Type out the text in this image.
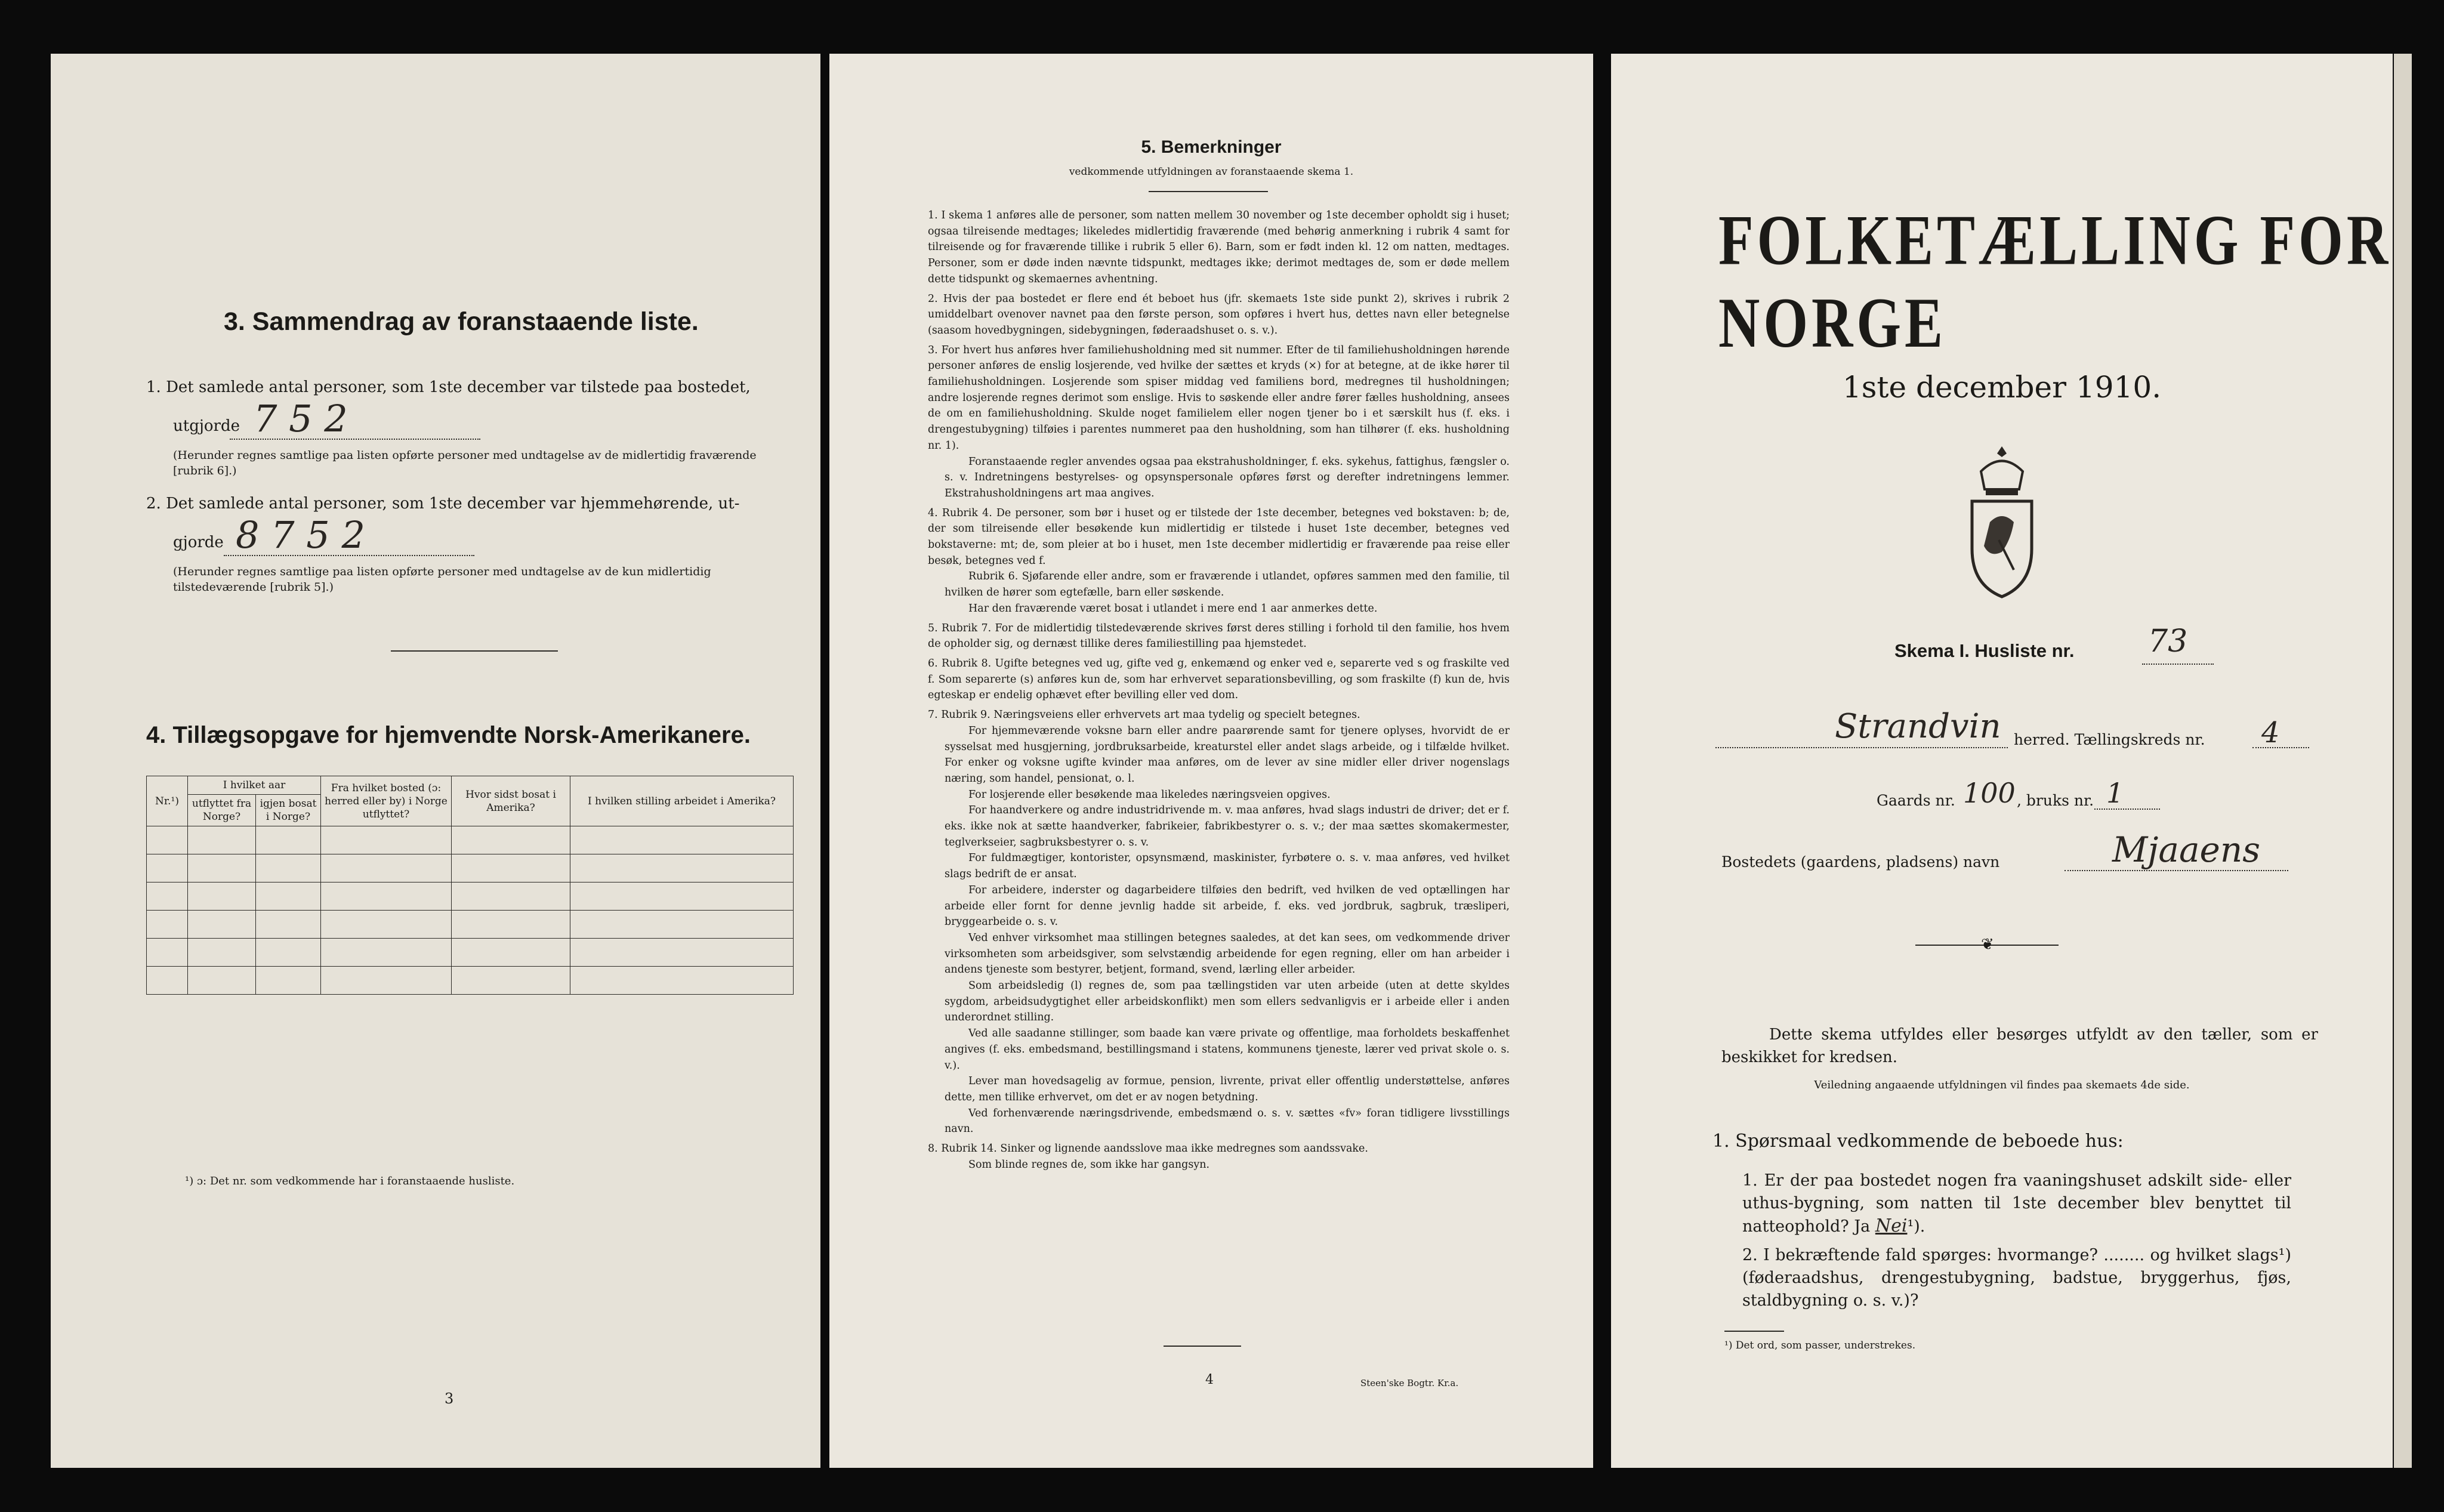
3. Sammendrag av foranstaaende liste.
1. Det samlede antal personer, som 1ste december var tilstede paa bostedet,
utgjorde 7 5 2
(Herunder regnes samtlige paa listen opførte personer med undtagelse av de midlertidig fraværende [rubrik 6].)
2. Det samlede antal personer, som 1ste december var hjemmehørende, ut-
gjorde 8 7 5 2
(Herunder regnes samtlige paa listen opførte personer med undtagelse av de kun midlertidig tilstedeværende [rubrik 5].)
4. Tillægsopgave for hjemvendte Norsk-Amerikanere.
Nr.¹)	I hvilket aar		Fra hvilket bosted (ɔ: herred eller by) i Norge utflyttet?	Hvor sidst bosat i Amerika?	I hvilken stilling arbeidet i Amerika?
	utflyttet fra Norge?	igjen bosat i Norge?			

¹) ɔ: Det nr. som vedkommende har i foranstaaende husliste.
3
5. Bemerkninger
vedkommende utfyldningen av foranstaaende skema 1.

1. I skema 1 anføres alle de personer, som natten mellem 30 november og 1ste december opholdt sig i huset; ogsaa tilreisende medtages; likeledes midlertidig fraværende (med behørig anmerkning i rubrik 4 samt for tilreisende og for fraværende tillike i rubrik 5 eller 6). Barn, som er født inden kl. 12 om natten, medtages. Personer, som er døde inden nævnte tidspunkt, medtages ikke; derimot medtages de, som er døde mellem dette tidspunkt og skemaernes avhentning.

2. Hvis der paa bostedet er flere end ét beboet hus (jfr. skemaets 1ste side punkt 2), skrives i rubrik 2 umiddelbart ovenover navnet paa den første person, som opføres i hvert hus, dettes navn eller betegnelse (saasom hovedbygningen, sidebygningen, føderaadshuset o. s. v.).

3. For hvert hus anføres hver familiehusholdning med sit nummer. Efter de til familiehusholdningen hørende personer anføres de enslig losjerende, ved hvilke der sættes et kryds (×) for at betegne, at de ikke hører til familiehusholdningen. Losjerende som spiser middag ved familiens bord, medregnes til husholdningen; andre losjerende regnes derimot som enslige. Hvis to søskende eller andre fører fælles husholdning, ansees de om en familiehusholdning. Skulde noget familielem eller nogen tjener bo i et særskilt hus (f. eks. i drengestubygning) tilføies i parentes nummeret paa den husholdning, som han tilhører (f. eks. husholdning nr. 1).

Foranstaaende regler anvendes ogsaa paa ekstrahusholdninger, f. eks. sykehus, fattighus, fængsler o. s. v. Indretningens bestyrelses- og opsynspersonale opføres først og derefter indretningens lemmer. Ekstrahusholdningens art maa angives.

4. Rubrik 4. De personer, som bør i huset og er tilstede der 1ste december, betegnes ved bokstaven: b; de, der som tilreisende eller besøkende kun midlertidig er tilstede i huset 1ste december, betegnes ved bokstaverne: mt; de, som pleier at bo i huset, men 1ste december midlertidig er fraværende paa reise eller besøk, betegnes ved f.

Rubrik 6. Sjøfarende eller andre, som er fraværende i utlandet, opføres sammen med den familie, til hvilken de hører som egtefælle, barn eller søskende.

Har den fraværende været bosat i utlandet i mere end 1 aar anmerkes dette.

5. Rubrik 7. For de midlertidig tilstedeværende skrives først deres stilling i forhold til den familie, hos hvem de opholder sig, og dernæst tillike deres familiestilling paa hjemstedet.

6. Rubrik 8. Ugifte betegnes ved ug, gifte ved g, enkemænd og enker ved e, separerte ved s og fraskilte ved f. Som separerte (s) anføres kun de, som har erhvervet separationsbevilling, og som fraskilte (f) kun de, hvis egteskap er endelig ophævet efter bevilling eller ved dom.

7. Rubrik 9. Næringsveiens eller erhvervets art maa tydelig og specielt betegnes.

For hjemmeværende voksne barn eller andre paarørende samt for tjenere oplyses, hvorvidt de er sysselsat med husgjerning, jordbruksarbeide, kreaturstel eller andet slags arbeide, og i tilfælde hvilket. For enker og voksne ugifte kvinder maa anføres, om de lever av sine midler eller driver nogenslags næring, som handel, pensionat, o. l.

For losjerende eller besøkende maa likeledes næringsveien opgives.

For haandverkere og andre industridrivende m. v. maa anføres, hvad slags industri de driver; det er f. eks. ikke nok at sætte haandverker, fabrikeier, fabrikbestyrer o. s. v.; der maa sættes skomakermester, teglverkseier, sagbruksbestyrer o. s. v.

For fuldmægtiger, kontorister, opsynsmænd, maskinister, fyrbøtere o. s. v. maa anføres, ved hvilket slags bedrift de er ansat.

For arbeidere, inderster og dagarbeidere tilføies den bedrift, ved hvilken de ved optællingen har arbeide eller fornt for denne jevnlig hadde sit arbeide, f. eks. ved jordbruk, sagbruk, træsliperi, bryggearbeide o. s. v.

Ved enhver virksomhet maa stillingen betegnes saaledes, at det kan sees, om vedkommende driver virksomheten som arbeidsgiver, som selvstændig arbeidende for egen regning, eller om han arbeider i andens tjeneste som bestyrer, betjent, formand, svend, lærling eller arbeider.

Som arbeidsledig (l) regnes de, som paa tællingstiden var uten arbeide (uten at dette skyldes sygdom, arbeidsudygtighet eller arbeidskonflikt) men som ellers sedvanligvis er i arbeide eller i anden underordnet stilling.

Ved alle saadanne stillinger, som baade kan være private og offentlige, maa forholdets beskaffenhet angives (f. eks. embedsmand, bestillingsmand i statens, kommunens tjeneste, lærer ved privat skole o. s. v.).

Lever man hovedsagelig av formue, pension, livrente, privat eller offentlig understøttelse, anføres dette, men tillike erhvervet, om det er av nogen betydning.

Ved forhenværende næringsdrivende, embedsmænd o. s. v. sættes «fv» foran tidligere livsstillings navn.

8. Rubrik 14. Sinker og lignende aandsslove maa ikke medregnes som aandssvake.

Som blinde regnes de, som ikke har gangsyn.

4	Steen'ske Bogtr. Kr.a.
FOLKETÆLLING FOR NORGE
1ste december 1910.
Skema I. Husliste nr. 73
Strandvin herred. Tællingskreds nr. 4
Gaards nr. 100 , bruks nr. 1
Bostedets (gaardens, pladsens) navn	Mjaaens
❦
Dette skema utfyldes eller besørges utfyldt av den tæller, som er beskikket for kredsen.
Veiledning angaaende utfyldningen vil findes paa skemaets 4de side.
1. Spørsmaal vedkommende de beboede hus:
1. Er der paa bostedet nogen fra vaaningshuset adskilt side- eller uthus-bygning, som natten til 1ste december blev benyttet til natteophold? Ja Nei¹).
2. I bekræftende fald spørges: hvormange? ........ og hvilket slags¹) (føderaadshus, drengestubygning, badstue, bryggerhus, fjøs, staldbygning o. s. v.)?
¹) Det ord, som passer, understrekes.
